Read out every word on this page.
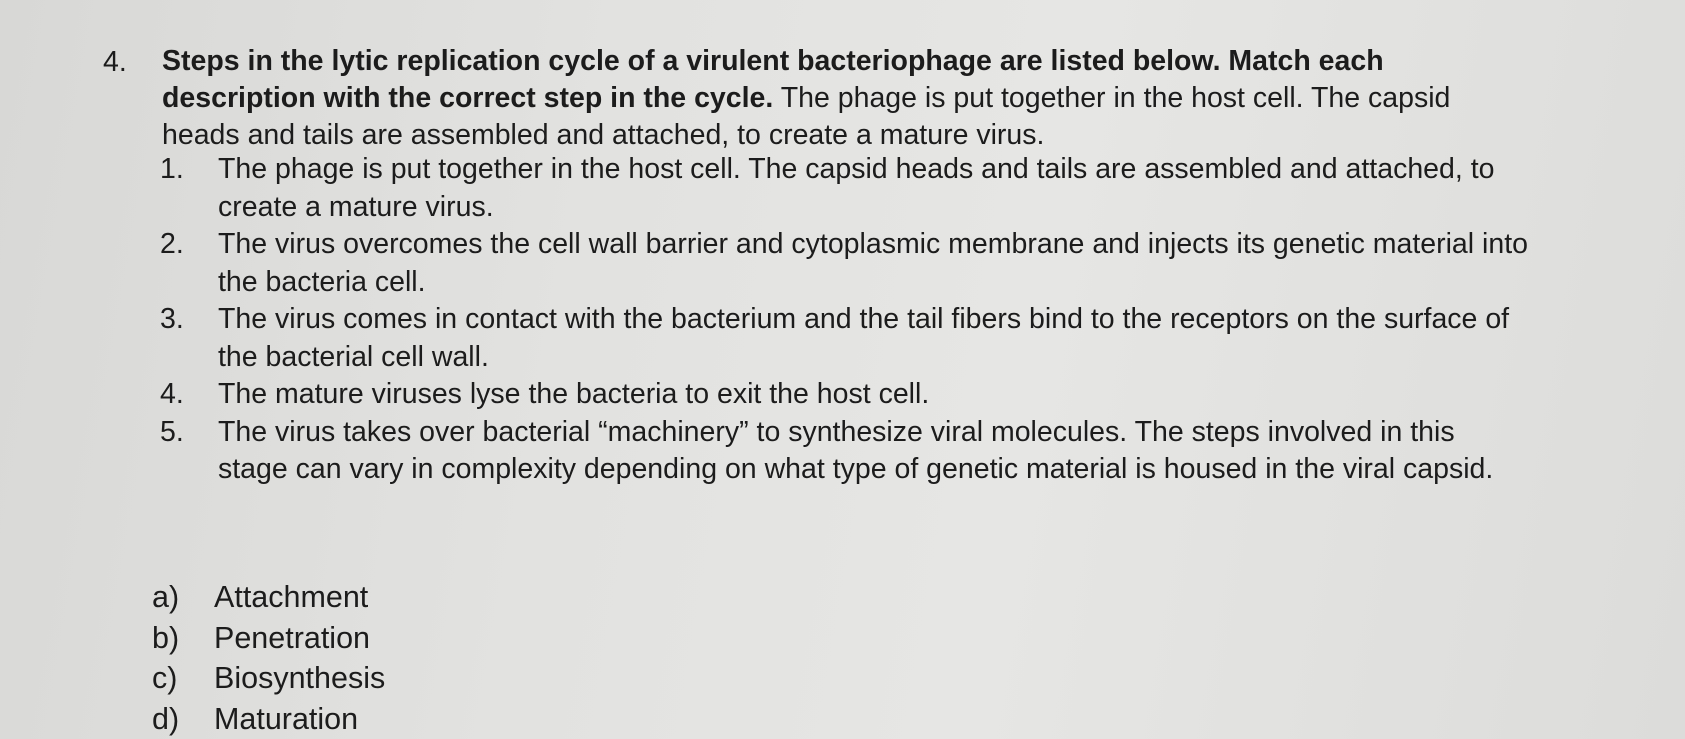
4. Steps in the lytic replication cycle of a virulent bacteriophage are listed below. Match each description with the correct step in the cycle. The phage is put together in the host cell. The capsid heads and tails are assembled and attached, to create a mature virus.
1. The phage is put together in the host cell. The capsid heads and tails are assembled and attached, to create a mature virus.
2. The virus overcomes the cell wall barrier and cytoplasmic membrane and injects its genetic material into the bacteria cell.
3. The virus comes in contact with the bacterium and the tail fibers bind to the receptors on the surface of the bacterial cell wall.
4. The mature viruses lyse the bacteria to exit the host cell.
5. The virus takes over bacterial “machinery” to synthesize viral molecules. The steps involved in this stage can vary in complexity depending on what type of genetic material is housed in the viral capsid.
a) Attachment
b) Penetration
c) Biosynthesis
d) Maturation
